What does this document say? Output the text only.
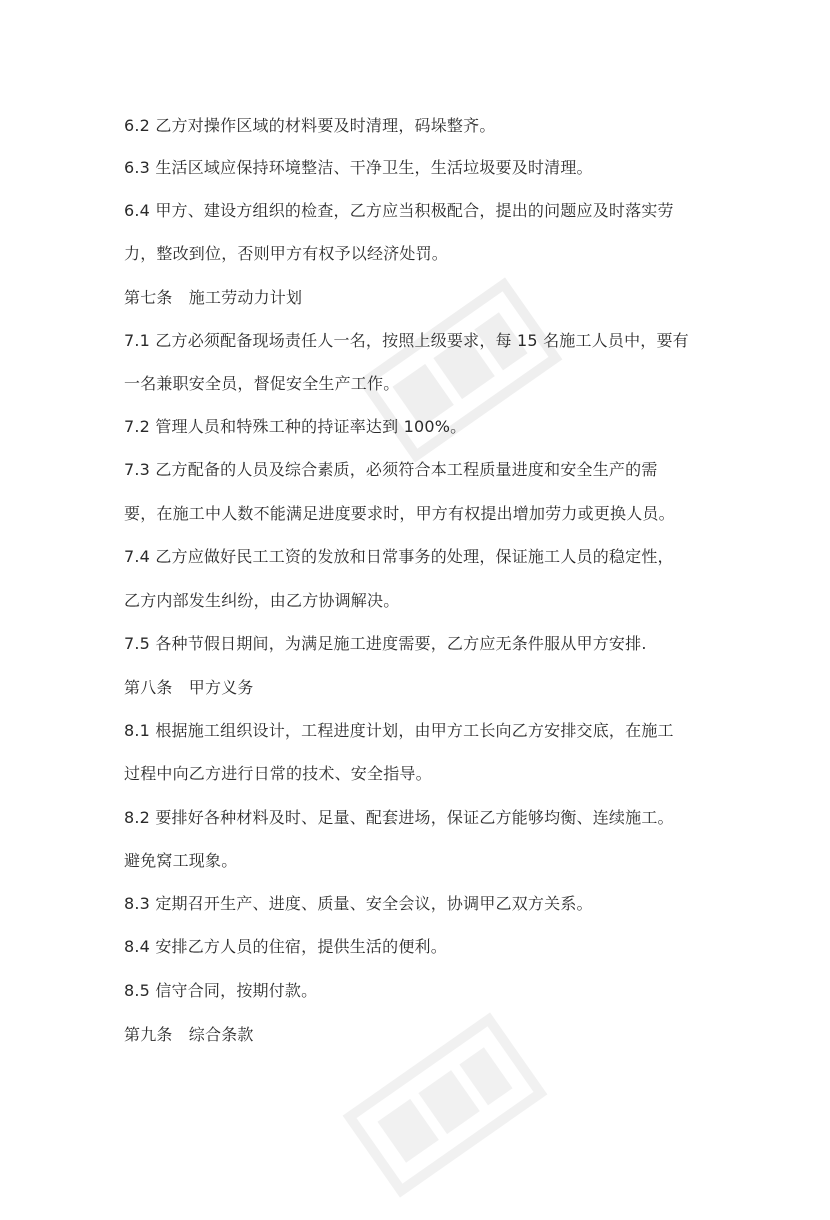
6.2 乙方对操作区域的材料要及时清理，码垛整齐。
6.3 生活区域应保持环境整洁、干净卫生，生活垃圾要及时清理。
6.4 甲方、建设方组织的检查，乙方应当积极配合，提出的问题应及时落实劳
力，整改到位，否则甲方有权予以经济处罚。
第七条　施工劳动力计划
7.1 乙方必须配备现场责任人一名，按照上级要求，每 15 名施工人员中，要有
一名兼职安全员，督促安全生产工作。
7.2 管理人员和特殊工种的持证率达到 100%。
7.3 乙方配备的人员及综合素质，必须符合本工程质量进度和安全生产的需
要，在施工中人数不能满足进度要求时，甲方有权提出增加劳力或更换人员。
7.4 乙方应做好民工工资的发放和日常事务的处理，保证施工人员的稳定性，
乙方内部发生纠纷，由乙方协调解决。
7.5 各种节假日期间，为满足施工进度需要，乙方应无条件服从甲方安排.
第八条　甲方义务
8.1 根据施工组织设计，工程进度计划，由甲方工长向乙方安排交底，在施工
过程中向乙方进行日常的技术、安全指导。
8.2 要排好各种材料及时、足量、配套进场，保证乙方能够均衡、连续施工。
避免窝工现象。
8.3 定期召开生产、进度、质量、安全会议，协调甲乙双方关系。
8.4 安排乙方人员的住宿，提供生活的便利。
8.5 信守合同，按期付款。
第九条　综合条款
